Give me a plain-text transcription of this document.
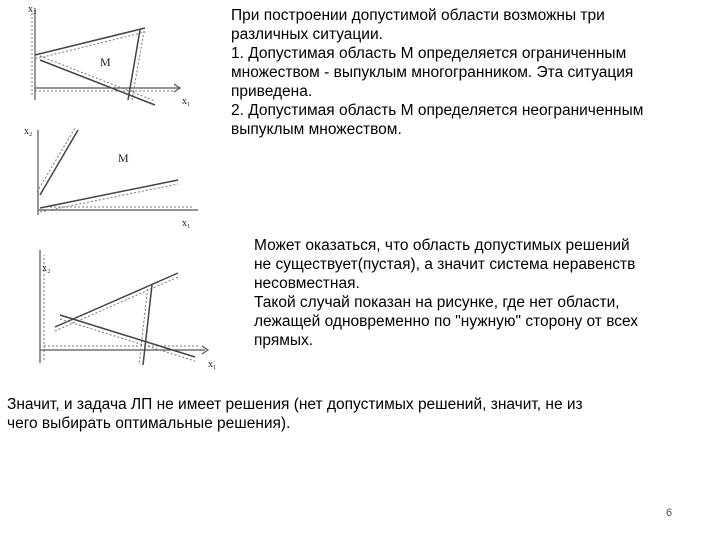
x₂
x₁
M
x₂
x₁
M
x₂
x₁
При построении допустимой области возможны три
различных ситуации.
1. Допустимая область М определяется ограниченным
множеством - выпуклым многогранником. Эта ситуация
приведена.
2. Допустимая область М определяется неограниченным
выпуклым множеством.
Может оказаться, что область допустимых решений
не существует(пустая), а значит система неравенств
несовместная.
Такой случай показан на рисунке, где нет области,
лежащей одновременно по "нужную" сторону от всех
прямых.
Значит, и задача ЛП не имеет решения (нет допустимых решений, значит, не из
чего выбирать оптимальные решения).
6
